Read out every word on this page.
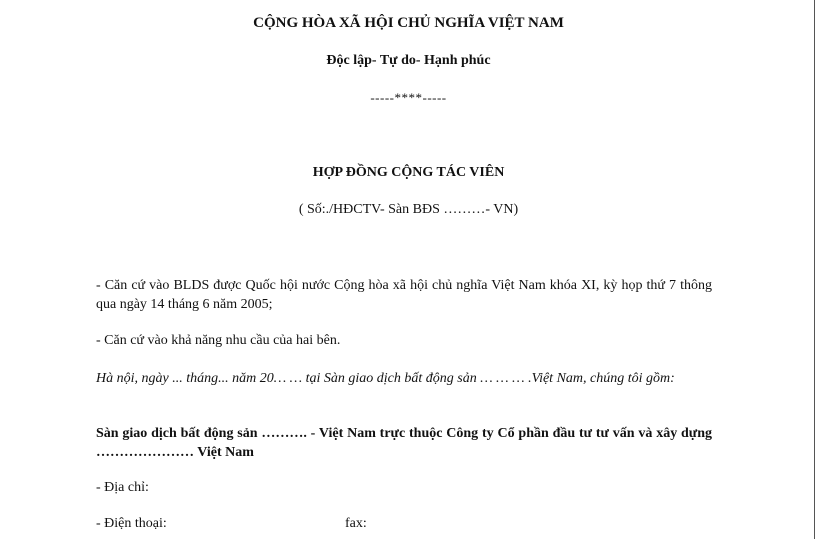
CỘNG HÒA XÃ HỘI CHỦ NGHĨA VIỆT NAM
Độc lập- Tự do- Hạnh phúc
-----****-----
HỢP ĐỒNG CỘNG TÁC VIÊN
( Số:./HĐCTV- Sàn BĐS ………- VN)

- Căn cứ vào BLDS được Quốc hội nước Cộng hòa xã hội chủ nghĩa Việt Nam khóa XI, kỳ họp thứ 7 thông qua ngày 14 tháng 6 năm 2005;

- Căn cứ vào khả năng nhu cầu của hai bên.

Hà nội, ngày ... tháng... năm 20… … tại Sàn giao dịch bất động sản … … … .Việt Nam, chúng tôi gồm:

Sàn giao dịch bất động sản ………. - Việt Nam trực thuộc Công ty Cổ phần đầu tư tư vấn và xây dựng ………………… Việt Nam

- Địa chỉ:
- Điện thoại:	fax:
